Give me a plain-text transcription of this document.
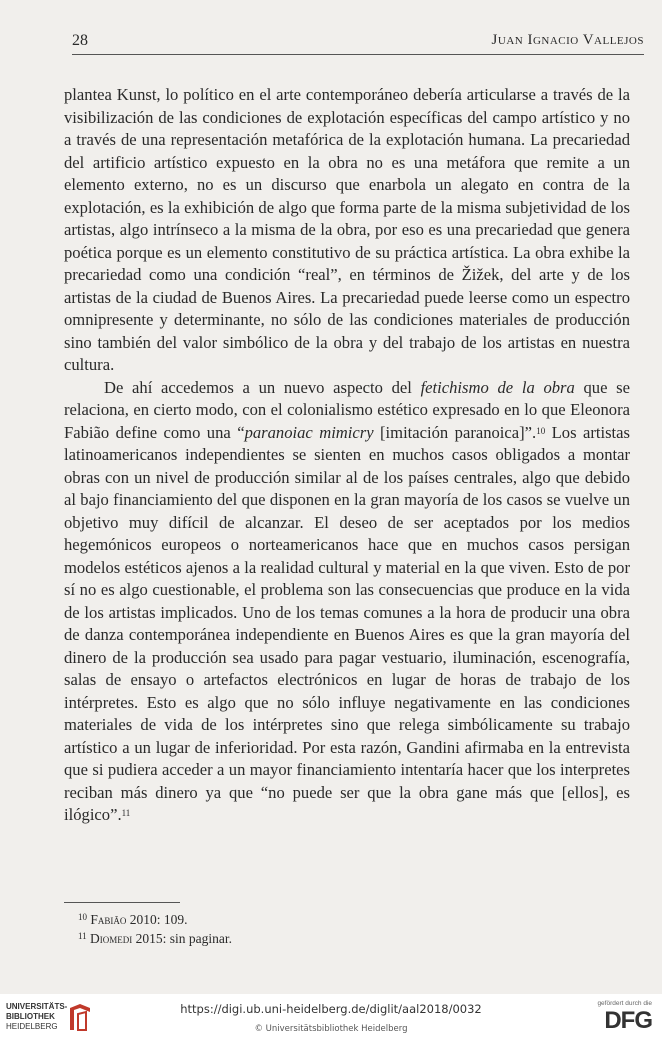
28	Juan Ignacio Vallejos

plantea Kunst, lo político en el arte contemporáneo debería articularse a través de la visibilización de las condiciones de explotación específicas del campo artístico y no a través de una representación metafórica de la explotación humana. La precariedad del artificio artístico expuesto en la obra no es una metáfora que remite a un elemento externo, no es un discurso que enarbola un alegato en contra de la explotación, es la exhibición de algo que forma parte de la misma subjetividad de los artistas, algo intrínseco a la misma de la obra, por eso es una precariedad que genera poética porque es un elemento constitutivo de su práctica artística. La obra exhibe la precariedad como una condición “real”, en términos de Žižek, del arte y de los artistas de la ciudad de Buenos Aires. La precariedad puede leerse como un espectro omnipresente y determinante, no sólo de las condiciones materiales de producción sino también del valor simbólico de la obra y del trabajo de los artistas en nuestra cultura.

De ahí accedemos a un nuevo aspecto del fetichismo de la obra que se relaciona, en cierto modo, con el colonialismo estético expresado en lo que Eleonora Fabião define como una “paranoiac mimicry [imitación paranoica]”.$^{10}$ Los artistas latinoamericanos independientes se sienten en muchos casos obligados a montar obras con un nivel de producción similar al de los países centrales, algo que debido al bajo financiamiento del que disponen en la gran mayoría de los casos se vuelve un objetivo muy difícil de alcanzar. El deseo de ser aceptados por los medios hegemónicos europeos o norteamericanos hace que en muchos casos persigan modelos estéticos ajenos a la realidad cultural y material en la que viven. Esto de por sí no es algo cuestionable, el problema son las consecuencias que produce en la vida de los artistas implicados. Uno de los temas comunes a la hora de producir una obra de danza contemporánea independiente en Buenos Aires es que la gran mayoría del dinero de la producción sea usado para pagar vestuario, iluminación, escenografía, salas de ensayo o artefactos electrónicos en lugar de horas de trabajo de los intérpretes. Esto es algo que no sólo influye negativamente en las condiciones materiales de vida de los intérpretes sino que relega simbólicamente su trabajo artístico a un lugar de inferioridad. Por esta razón, Gandini afirmaba en la entrevista que si pudiera acceder a un mayor financiamiento intentaría hacer que los interpretes reciban más dinero ya que “no puede ser que la obra gane más que [ellos], es ilógico”.$^{11}$

$^{10}$ Fabião 2010: 109.

$^{11}$ Diomedi 2015: sin paginar.

UNIVERSITÄTS-
BIBLIOTHEK
HEIDELBERG
https://digi.ub.uni-heidelberg.de/diglit/aal2018/0032
© Universitätsbibliothek Heidelberg
gefördert durch die
DFG
